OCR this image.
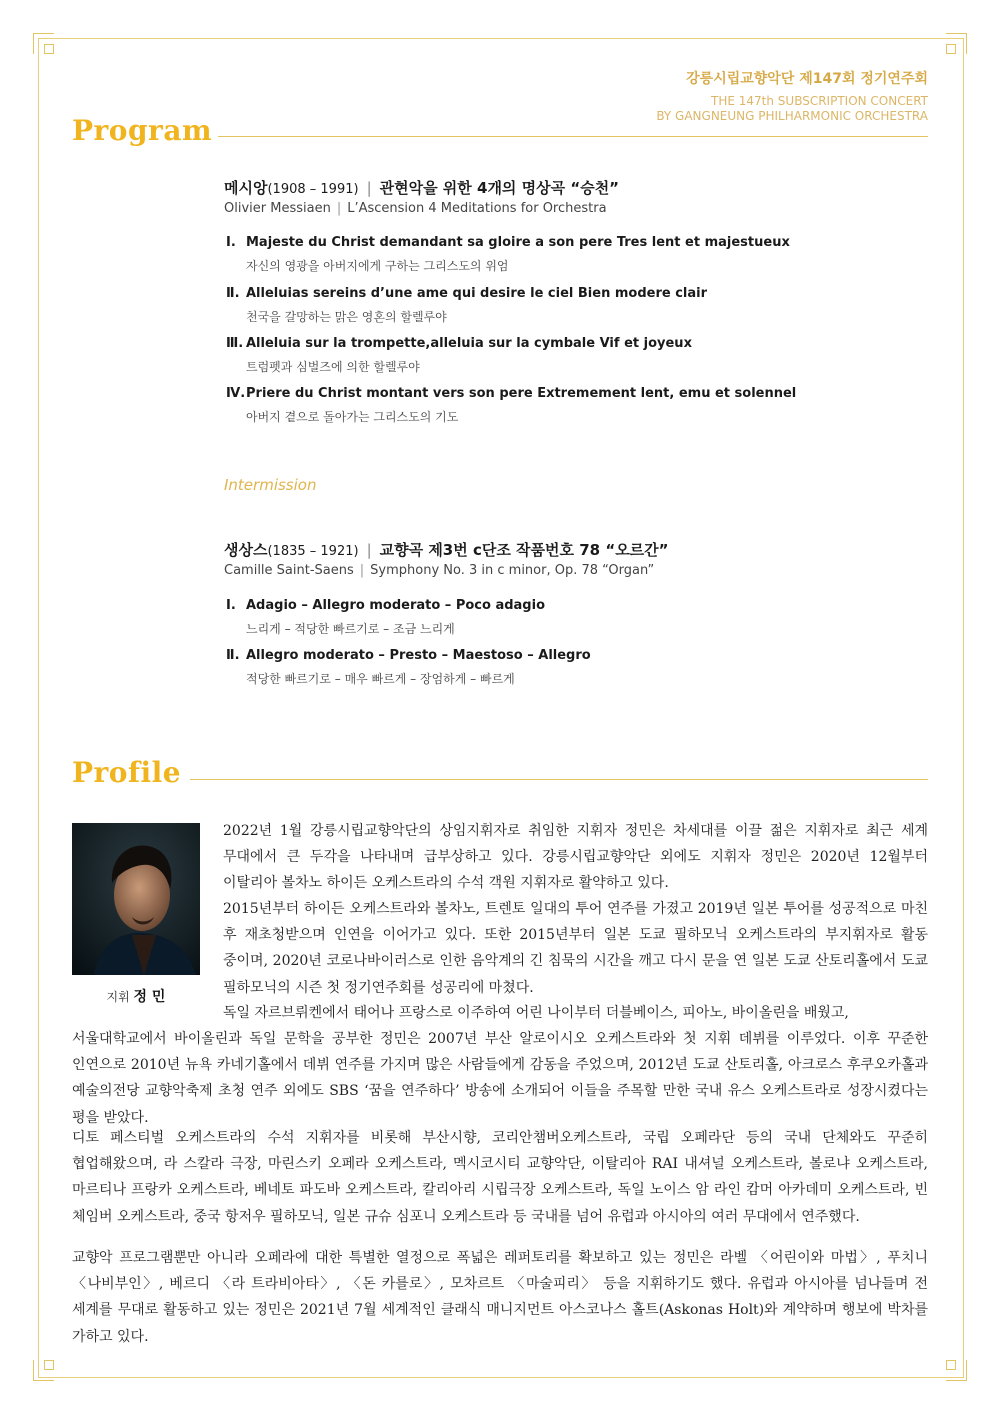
강릉시립교향악단 제147회 정기연주회
THE 147th SUBSCRIPTION CONCERT
BY GANGNEUNG PHILHARMONIC ORCHESTRA
Program
메시앙(1908 – 1991) | 관현악을 위한 4개의 명상곡 “승천”
Olivier Messiaen | L’Ascension 4 Meditations for Orchestra
Ⅰ. Majeste du Christ demandant sa gloire a son pere Tres lent et majestueux
자신의 영광을 아버지에게 구하는 그리스도의 위엄
Ⅱ. Alleluias sereins d’une ame qui desire le ciel Bien modere clair
천국을 갈망하는 맑은 영혼의 할렐루야
Ⅲ. Alleluia sur la trompette,alleluia sur la cymbale Vif et joyeux
트럼펫과 심벌즈에 의한 할렐루야
Ⅳ.Priere du Christ montant vers son pere Extremement lent, emu et solennel
아버지 곁으로 돌아가는 그리스도의 기도
Intermission
생상스(1835 – 1921) | 교향곡 제3번 c단조 작품번호 78 “오르간”
Camille Saint-Saens | Symphony No. 3 in c minor, Op. 78 “Organ”
Ⅰ. Adagio – Allegro moderato – Poco adagio
느리게 – 적당한 빠르기로 – 조금 느리게
Ⅱ. Allegro moderato – Presto – Maestoso – Allegro
적당한 빠르기로 – 매우 빠르게 – 장엄하게 – 빠르게
Profile
지휘 정 민
2022년 1월 강릉시립교향악단의 상임지휘자로 취임한 지휘자 정민은 차세대를 이끌 젊은 지휘자로 최근 세계 무대에서 큰 두각을 나타내며 급부상하고 있다. 강릉시립교향악단 외에도 지휘자 정민은 2020년 12월부터 이탈리아 볼차노 하이든 오케스트라의 수석 객원 지휘자로 활약하고 있다.
2015년부터 하이든 오케스트라와 볼차노, 트렌토 일대의 투어 연주를 가졌고 2019년 일본 투어를 성공적으로 마친 후 재초청받으며 인연을 이어가고 있다. 또한 2015년부터 일본 도쿄 필하모닉 오케스트라의 부지휘자로 활동 중이며, 2020년 코로나바이러스로 인한 음악계의 긴 침묵의 시간을 깨고 다시 문을 연 일본 도쿄 산토리홀에서 도쿄 필하모닉의 시즌 첫 정기연주회를 성공리에 마쳤다.
독일 자르브뤼켄에서 태어나 프랑스로 이주하여 어린 나이부터 더블베이스, 피아노, 바이올린을 배웠고,
서울대학교에서 바이올린과 독일 문학을 공부한 정민은 2007년 부산 알로이시오 오케스트라와 첫 지휘 데뷔를 이루었다. 이후 꾸준한 인연으로 2010년 뉴욕 카네기홀에서 데뷔 연주를 가지며 많은 사람들에게 감동을 주었으며, 2012년 도쿄 산토리홀, 아크로스 후쿠오카홀과 예술의전당 교향악축제 초청 연주 외에도 SBS ‘꿈을 연주하다’ 방송에 소개되어 이들을 주목할 만한 국내 유스 오케스트라로 성장시켰다는 평을 받았다.
디토 페스티벌 오케스트라의 수석 지휘자를 비롯해 부산시향, 코리안챔버오케스트라, 국립 오페라단 등의 국내 단체와도 꾸준히 협업해왔으며, 라 스칼라 극장, 마린스키 오페라 오케스트라, 멕시코시티 교향악단, 이탈리아 RAI 내셔널 오케스트라, 볼로냐 오케스트라, 마르티나 프랑카 오케스트라, 베네토 파도바 오케스트라, 칼리아리 시립극장 오케스트라, 독일 노이스 암 라인 캄머 아카데미 오케스트라, 빈 체임버 오케스트라, 중국 항저우 필하모닉, 일본 규슈 심포니 오케스트라 등 국내를 넘어 유럽과 아시아의 여러 무대에서 연주했다.
교향악 프로그램뿐만 아니라 오페라에 대한 특별한 열정으로 폭넓은 레퍼토리를 확보하고 있는 정민은 라벨 〈어린이와 마법〉, 푸치니 〈나비부인〉, 베르디 〈라 트라비아타〉, 〈돈 카를로〉, 모차르트 〈마술피리〉 등을 지휘하기도 했다. 유럽과 아시아를 넘나들며 전 세계를 무대로 활동하고 있는 정민은 2021년 7월 세계적인 클래식 매니지먼트 아스코나스 홀트(Askonas Holt)와 계약하며 행보에 박차를 가하고 있다.
